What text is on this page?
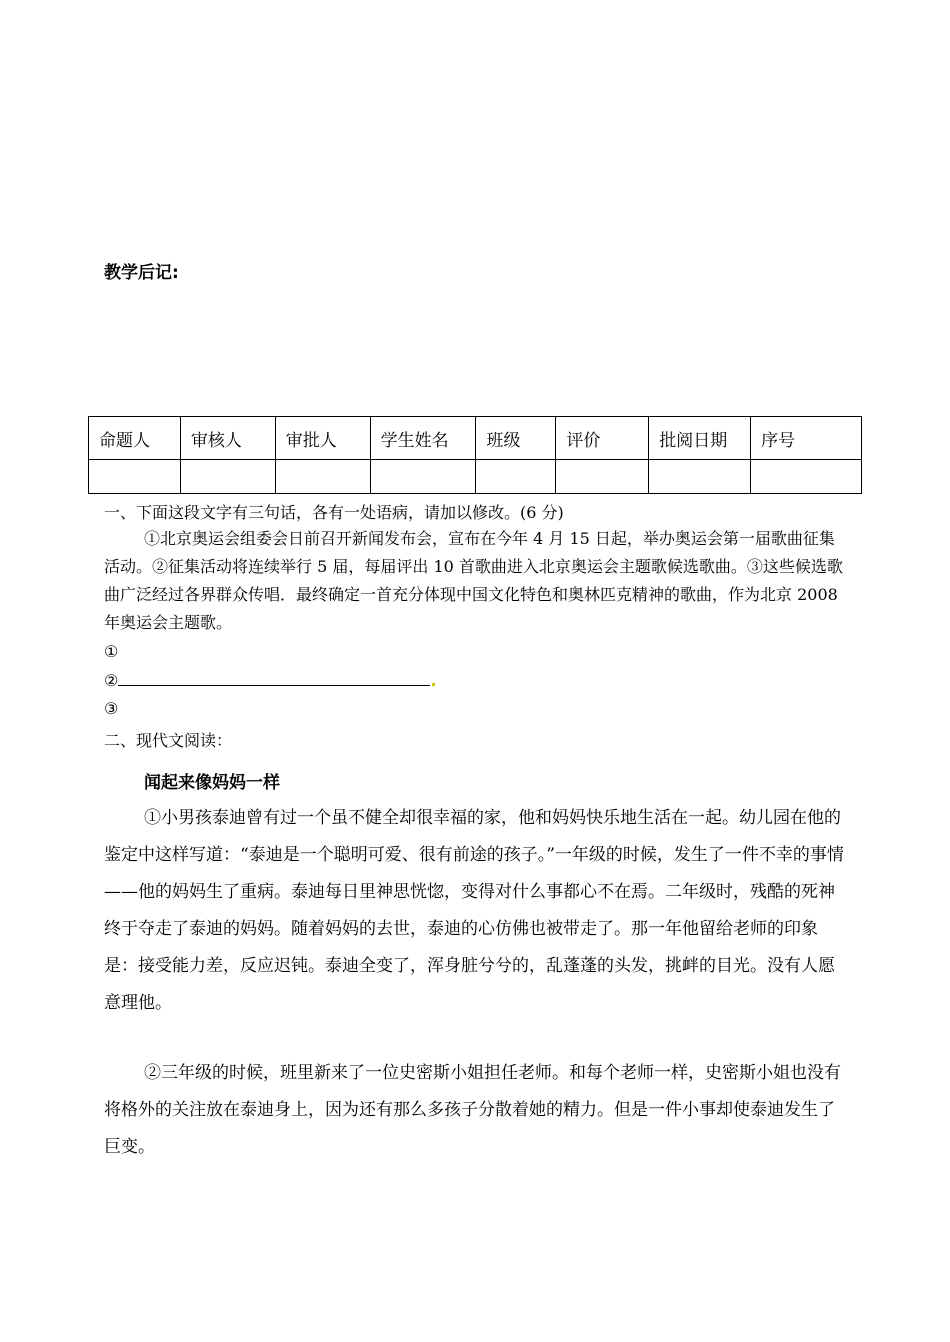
教学后记:
命题人	审核人	审批人	学生姓名	班级	评价	批阅日期	序号

一、下面这段文字有三句话，各有一处语病，请加以修改。(6 分)
①北京奥运会组委会日前召开新闻发布会，宣布在今年 4 月 15 日起，举办奥运会第一届歌曲征集活动。②征集活动将连续举行 5 届，每届评出 10 首歌曲进入北京奥运会主题歌候选歌曲。③这些候选歌曲广泛经过各界群众传唱．最终确定一首充分体现中国文化特色和奥林匹克精神的歌曲，作为北京 2008 年奥运会主题歌。
①
②
③
二、现代文阅读：
闻起来像妈妈一样
①小男孩泰迪曾有过一个虽不健全却很幸福的家，他和妈妈快乐地生活在一起。幼儿园在他的鉴定中这样写道：“泰迪是一个聪明可爱、很有前途的孩子。”一年级的时候，发生了一件不幸的事情——他的妈妈生了重病。泰迪每日里神思恍惚，变得对什么事都心不在焉。二年级时，残酷的死神终于夺走了泰迪的妈妈。随着妈妈的去世，泰迪的心仿佛也被带走了。那一年他留给老师的印象是：接受能力差，反应迟钝。泰迪全变了，浑身脏兮兮的，乱蓬蓬的头发，挑衅的目光。没有人愿意理他。
②三年级的时候，班里新来了一位史密斯小姐担任老师。和每个老师一样，史密斯小姐也没有将格外的关注放在泰迪身上，因为还有那么多孩子分散着她的精力。但是一件小事却使泰迪发生了巨变。
